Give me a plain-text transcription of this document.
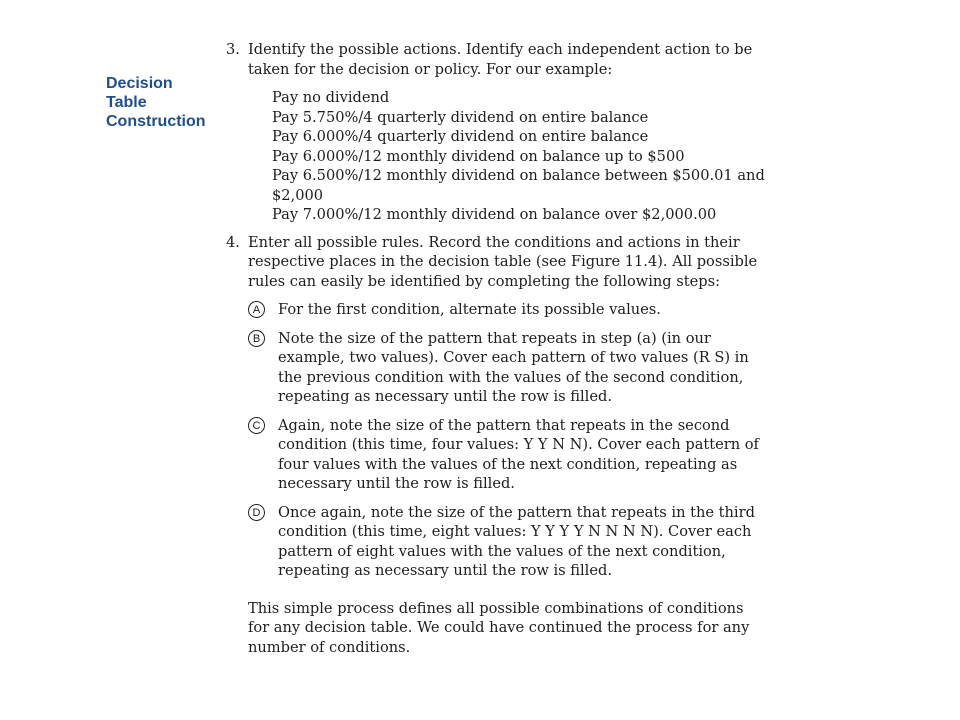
Decision
Table
Construction
3. Identify the possible actions. Identify each independent action to be taken for the decision or policy. For our example:
Pay no dividend
Pay 5.750%/4 quarterly dividend on entire balance
Pay 6.000%/4 quarterly dividend on entire balance
Pay 6.000%/12 monthly dividend on balance up to $500
Pay 6.500%/12 monthly dividend on balance between $500.01 and $2,000
Pay 7.000%/12 monthly dividend on balance over $2,000.00
4. Enter all possible rules. Record the conditions and actions in their respective places in the decision table (see Figure 11.4). All possible rules can easily be identified by completing the following steps:
A	For the first condition, alternate its possible values.
B	Note the size of the pattern that repeats in step (a) (in our example, two values). Cover each pattern of two values (R S) in the previous condition with the values of the second condition, repeating as necessary until the row is filled.
C	Again, note the size of the pattern that repeats in the second condition (this time, four values: Y Y N N). Cover each pattern of four values with the values of the next condition, repeating as necessary until the row is filled.
D	Once again, note the size of the pattern that repeats in the third condition (this time, eight values: Y Y Y Y N N N N). Cover each pattern of eight values with the values of the next condition, repeating as necessary until the row is filled.
This simple process defines all possible combinations of conditions for any decision table. We could have continued the process for any number of conditions.
